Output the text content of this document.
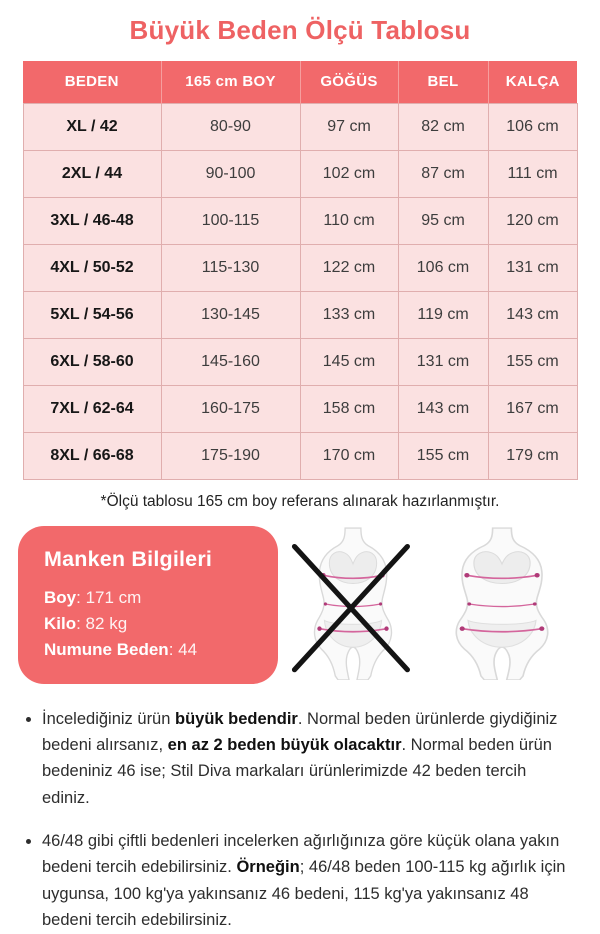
Büyük Beden Ölçü Tablosu
BEDEN	165 cm BOY	GÖĞÜS	BEL	KALÇA
XL / 42	80-90	97 cm	82 cm	106 cm
2XL / 44	90-100	102 cm	87 cm	111 cm
3XL / 46-48	100-115	110 cm	95 cm	120 cm
4XL / 50-52	115-130	122 cm	106 cm	131 cm
5XL / 54-56	130-145	133 cm	119 cm	143 cm
6XL / 58-60	145-160	145 cm	131 cm	155 cm
7XL / 62-64	160-175	158 cm	143 cm	167 cm
8XL / 66-68	175-190	170 cm	155 cm	179 cm
*Ölçü tablosu 165 cm boy referans alınarak hazırlanmıştır.
Manken Bilgileri
Boy: 171 cm
Kilo: 82 kg
Numune Beden: 44
• İncelediğiniz ürün büyük bedendir. Normal beden ürünlerde giydiğiniz bedeni alırsanız, en az 2 beden büyük olacaktır. Normal beden ürün bedeniniz 46 ise; Stil Diva markaları ürünlerimizde 42 beden tercih ediniz.
• 46/48 gibi çiftli bedenleri incelerken ağırlığınıza göre küçük olana yakın bedeni tercih edebilirsiniz. Örneğin; 46/48 beden 100-115 kg ağırlık için uygunsa, 100 kg'ya yakınsanız 46 bedeni, 115 kg'ya yakınsanız 48 bedeni tercih edebilirsiniz.
